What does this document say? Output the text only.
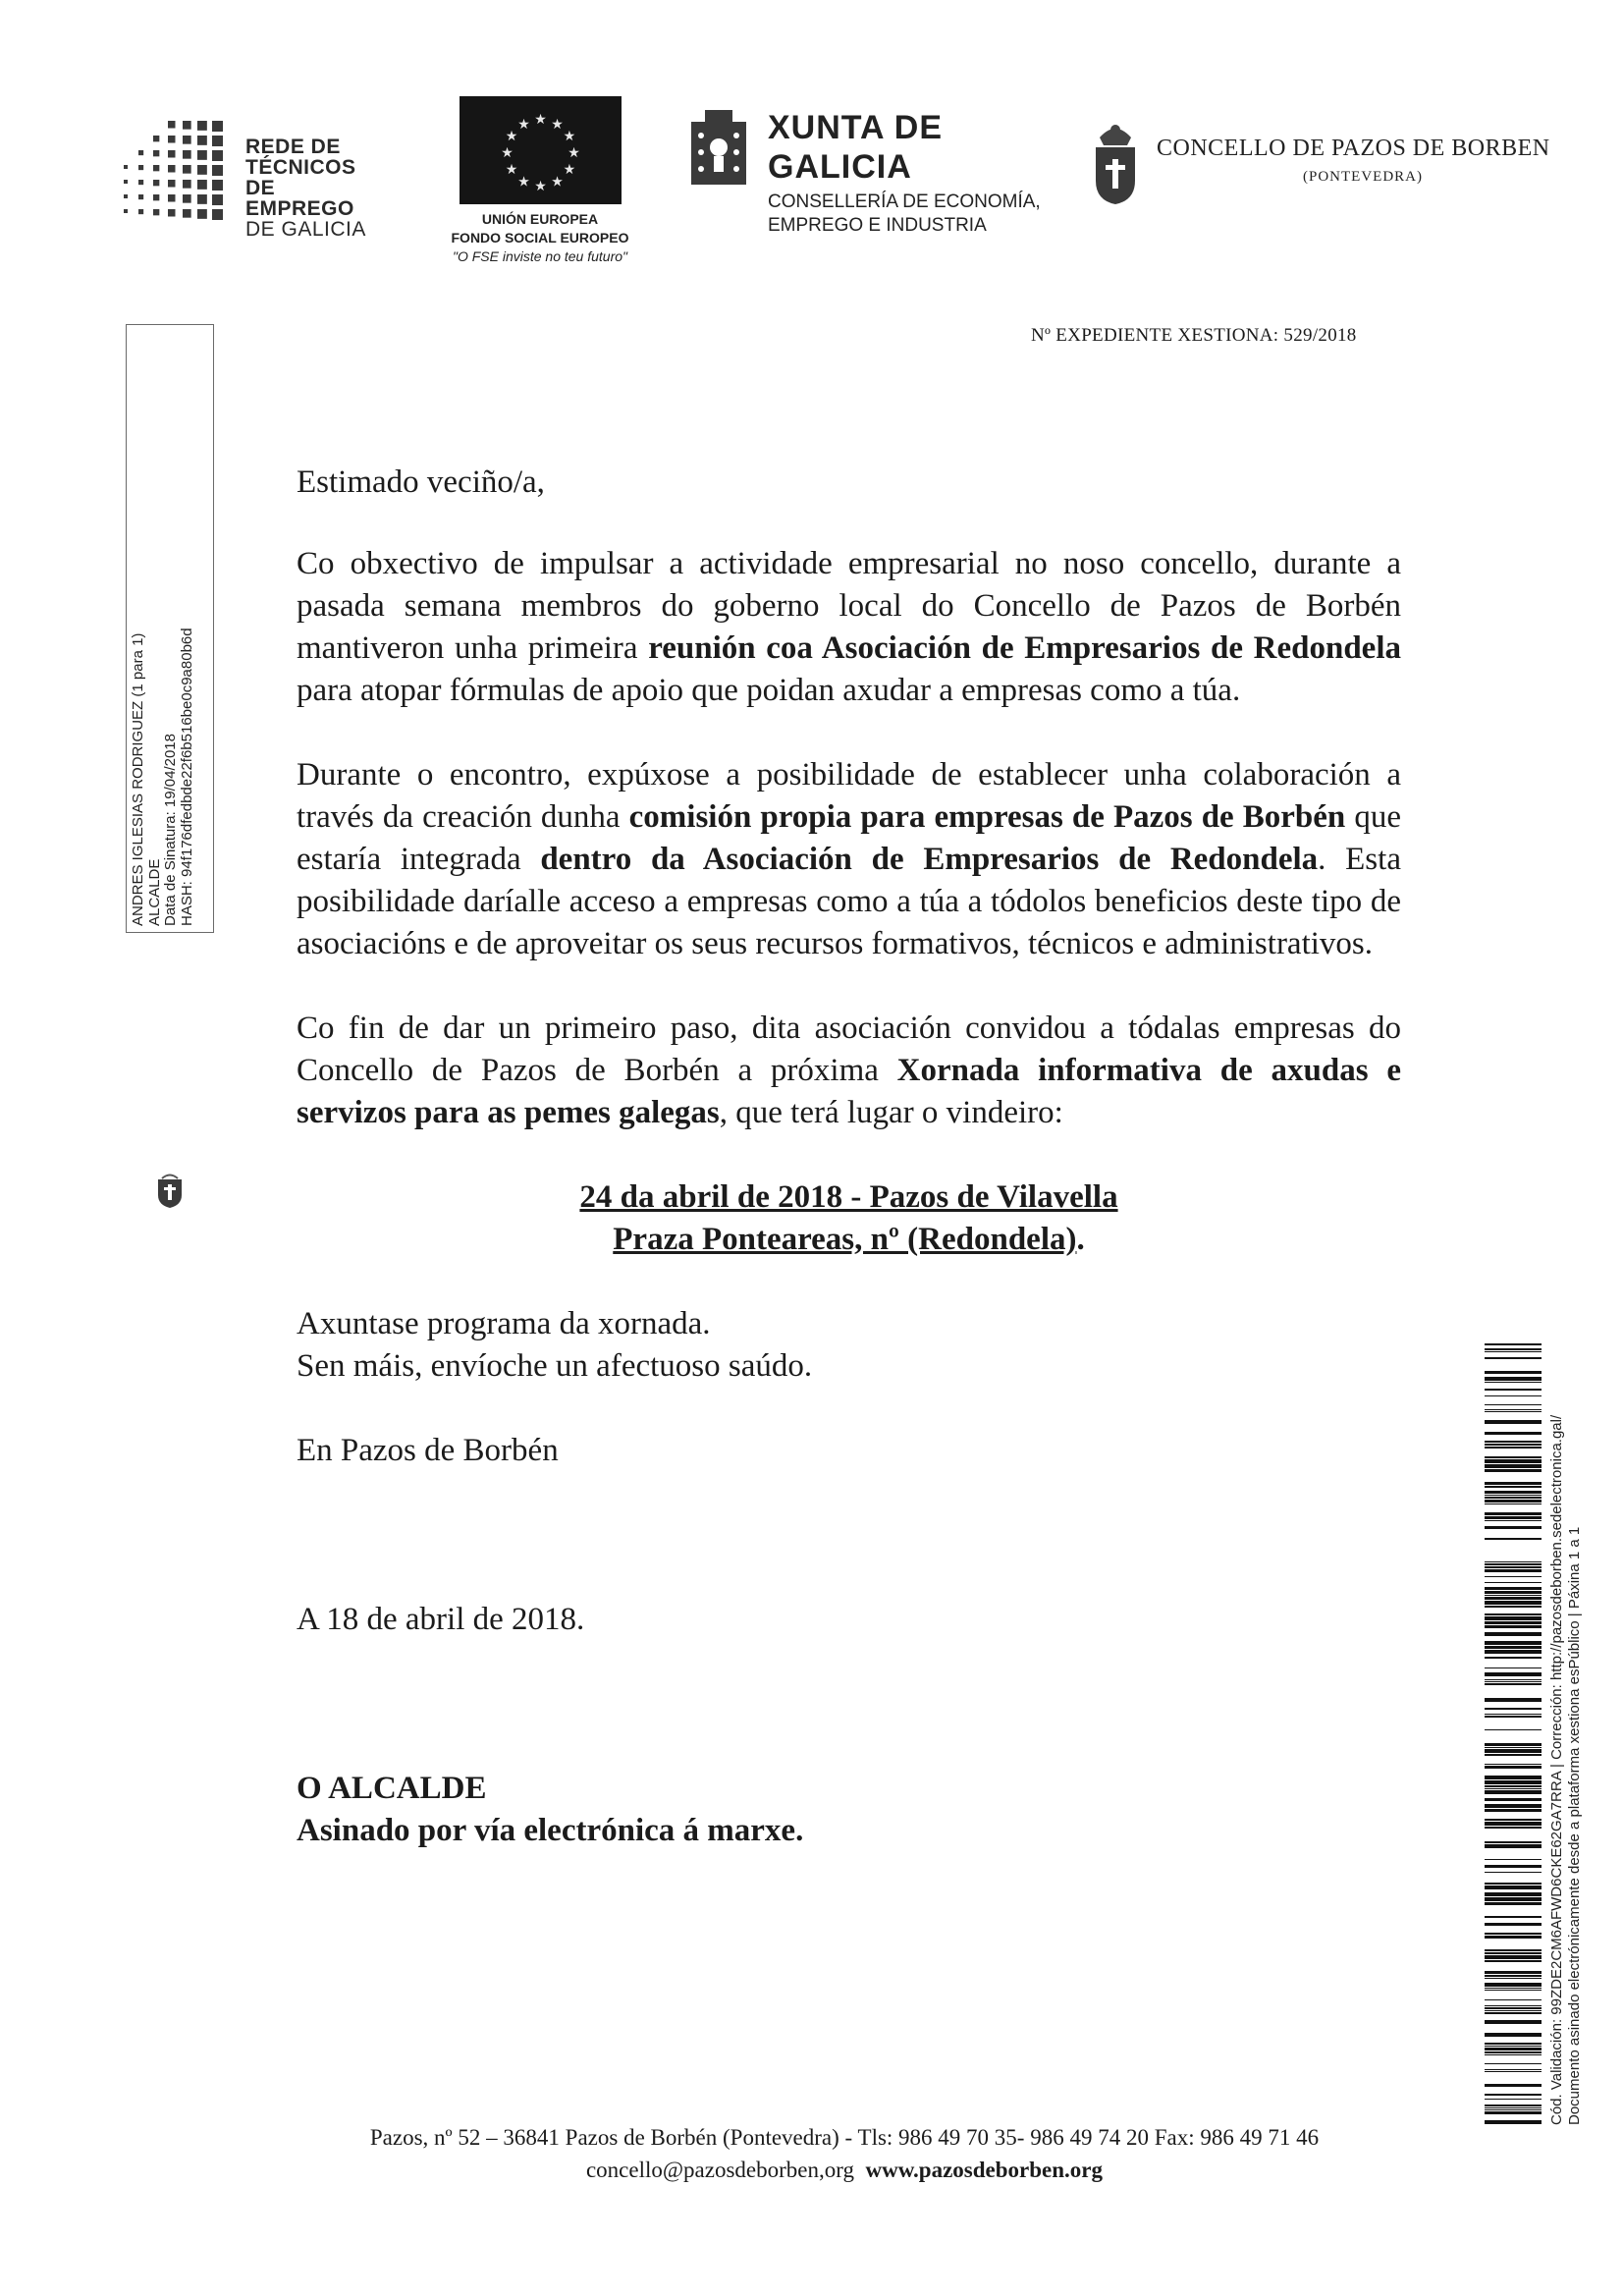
REDE DE
TÉCNICOS
DE EMPREGO
DE GALICIA
★ ★
★
★
★
★
★
★
★
★
★
★
UNIÓN EUROPEA
FONDO SOCIAL EUROPEO
"O FSE inviste no teu futuro"
XUNTA DE GALICIA
CONSELLERÍA DE ECONOMÍA,
EMPREGO E INDUSTRIA
CONCELLO DE PAZOS DE BORBEN
(PONTEVEDRA)
Nº EXPEDIENTE XESTIONA: 529/2018
ANDRES IGLESIAS RODRIGUEZ (1 para 1) ALCALDE Data de Sinatura: 19/04/2018 HASH: 94f176dfedbde22f6b516be0c9a80b6d

Estimado veciño/a,

Co obxectivo de impulsar a actividade empresarial no noso concello, durante a pasada semana membros do goberno local do Concello de Pazos de Borbén mantiveron unha primeira reunión coa Asociación de Empresarios de Redondela para atopar fórmulas de apoio que poidan axudar a empresas como a túa.

Durante o encontro, expúxose a posibilidade de establecer unha colaboración a través da creación dunha comisión propia para empresas de Pazos de Borbén que estaría integrada dentro da Asociación de Empresarios de Redondela. Esta posibilidade daríalle acceso a empresas como a túa a tódolos beneficios deste tipo de asociacións e de aproveitar os seus recursos formativos, técnicos e administrativos.

Co fin de dar un primeiro paso, dita asociación convidou a tódalas empresas do Concello de Pazos de Borbén a próxima Xornada informativa de axudas e servizos para as pemes galegas, que terá lugar o vindeiro:

24 da abril de 2018 - Pazos de Vilavella
Praza Ponteareas, nº (Redondela).

Axuntase programa da xornada.

Sen máis, envíoche un afectuoso saúdo.

En Pazos de Borbén

A 18 de abril de 2018.

O ALCALDE

Asinado por vía electrónica á marxe.	Cód. Validación: 99ZDE2CM6AFWD6CKE62GA7RRA | Corrección: http://pazosdeborben.sedelectronica.gal/ Documento asinado electrónicamente desde a plataforma xestiona esPúblico | Páxina 1 a 1
Pazos, nº 52 – 36841 Pazos de Borbén (Pontevedra) - Tls: 986 49 70 35- 986 49 74 20 Fax: 986 49 71 46
concello@pazosdeborben,org www.pazosdeborben.org
